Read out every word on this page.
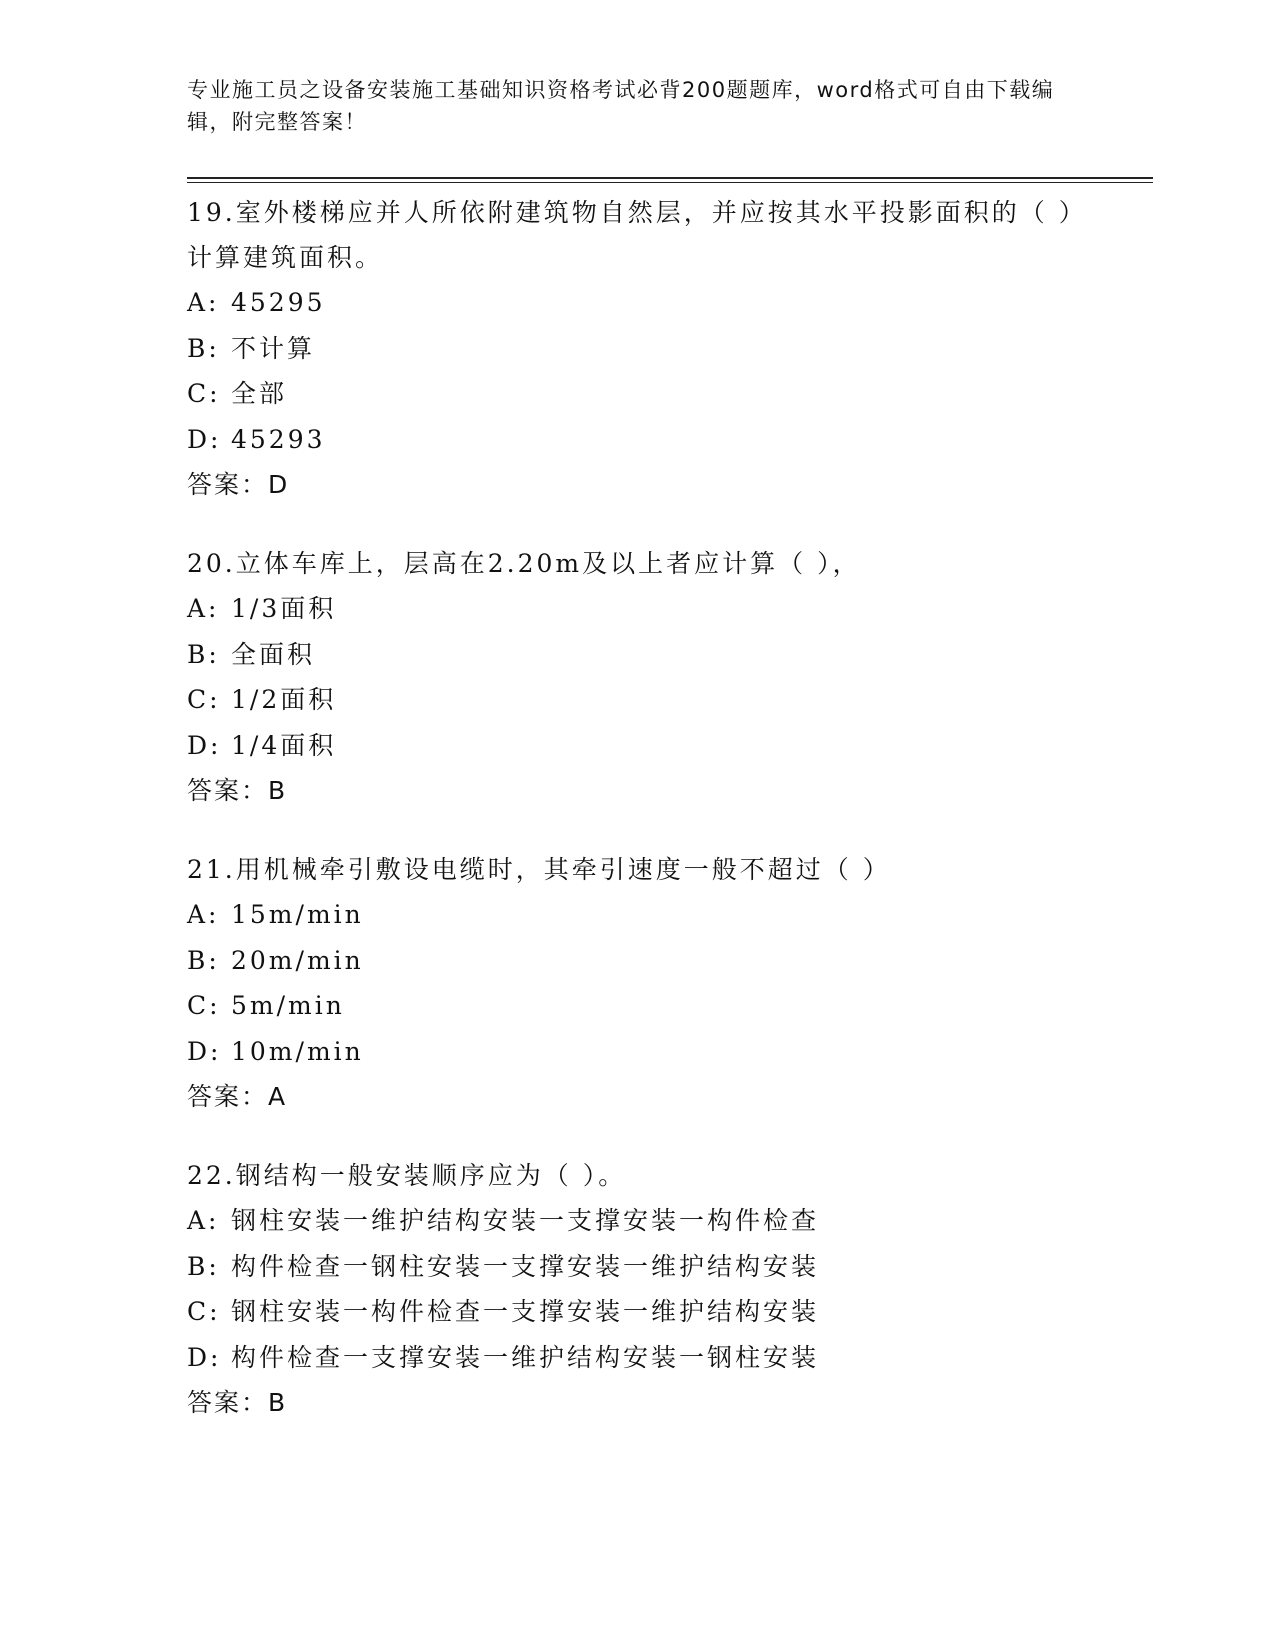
专业施工员之设备安装施工基础知识资格考试必背200题题库，word格式可自由下载编辑，附完整答案！

19.室外楼梯应并人所依附建筑物自然层，并应按其水平投影面积的（ ）计算建筑面积。

A: 45295

B: 不计算

C: 全部

D: 45293

答案：D

20.立体车库上，层高在2.20m及以上者应计算（ ），

A: 1/3面积

B: 全面积

C: 1/2面积

D: 1/4面积

答案：B

21.用机械牵引敷设电缆时，其牵引速度一般不超过（ ）

A: 15m/min

B: 20m/min

C: 5m/min

D: 10m/min

答案：A

22.钢结构一般安装顺序应为（ ）。

A: 钢柱安装一维护结构安装一支撑安装一构件检查

B: 构件检查一钢柱安装一支撑安装一维护结构安装

C: 钢柱安装一构件检查一支撑安装一维护结构安装

D: 构件检查一支撑安装一维护结构安装一钢柱安装

答案：B
